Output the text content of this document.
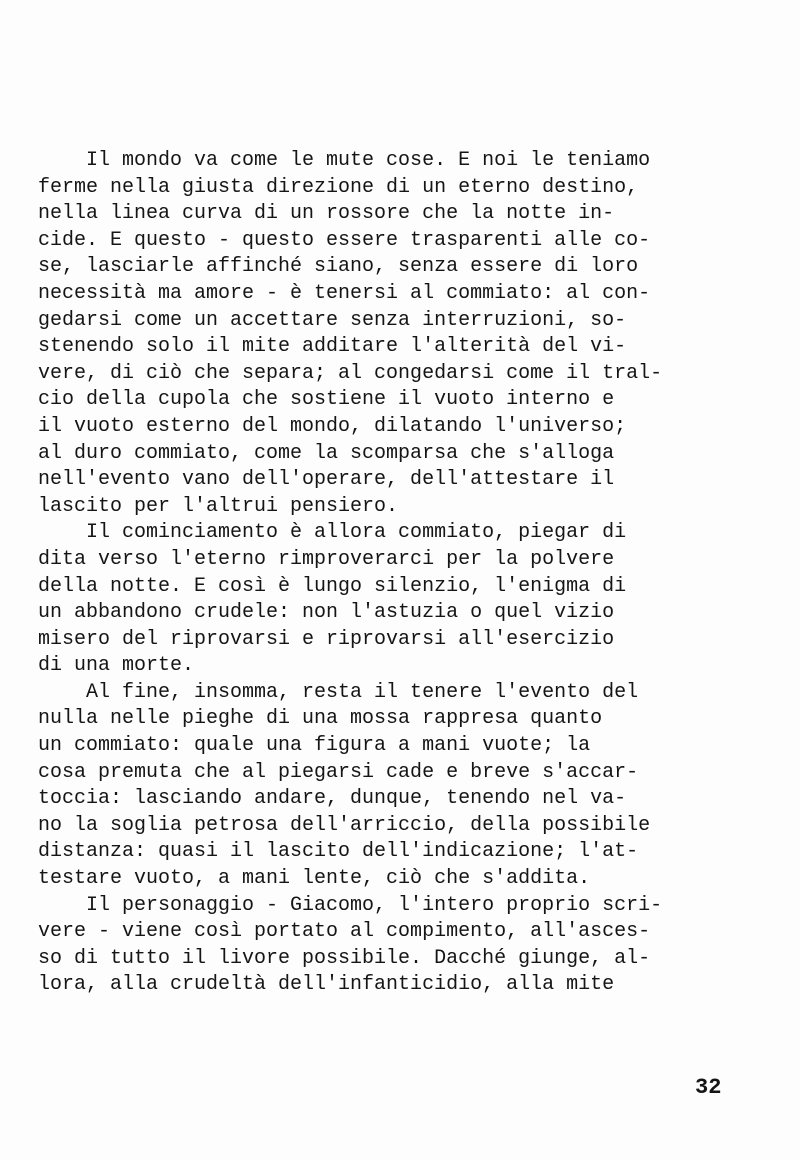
Il mondo va come le mute cose. E noi le teniamo
ferme nella giusta direzione di un eterno destino,
nella linea curva di un rossore che la notte in-
cide. E questo - questo essere trasparenti alle co-
se, lasciarle affinché siano, senza essere di loro
necessità ma amore - è tenersi al commiato: al con-
gedarsi come un accettare senza interruzioni, so-
stenendo solo il mite additare l'alterità del vi-
vere, di ciò che separa; al congedarsi come il tral-
cio della cupola che sostiene il vuoto interno e
il vuoto esterno del mondo, dilatando l'universo;
al duro commiato, come la scomparsa che s'alloga
nell'evento vano dell'operare, dell'attestare il
lascito per l'altrui pensiero.
Il cominciamento è allora commiato, piegar di
dita verso l'eterno rimproverarci per la polvere
della notte. E così è lungo silenzio, l'enigma di
un abbandono crudele: non l'astuzia o quel vizio
misero del riprovarsi e riprovarsi all'esercizio
di una morte.
Al fine, insomma, resta il tenere l'evento del
nulla nelle pieghe di una mossa rappresa quanto
un commiato: quale una figura a mani vuote; la
cosa premuta che al piegarsi cade e breve s'accar-
toccia: lasciando andare, dunque, tenendo nel va-
no la soglia petrosa dell'arriccio, della possibile
distanza: quasi il lascito dell'indicazione; l'at-
testare vuoto, a mani lente, ciò che s'addita.
Il personaggio - Giacomo, l'intero proprio scri-
vere - viene così portato al compimento, all'asces-
so di tutto il livore possibile. Dacché giunge, al-
lora, alla crudeltà dell'infanticidio, alla mite
32
